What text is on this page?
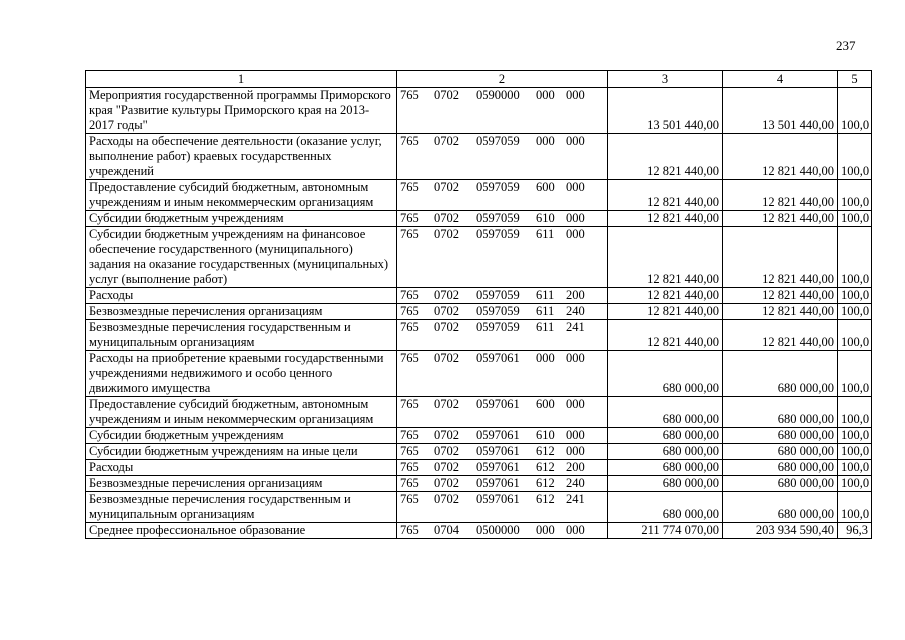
237
1	2	3	4	5
Мероприятия государственной программы Приморского края "Развитие культуры Приморского края на 2013-2017 годы"	765 0702 0590000 000 000	13 501 440,00	13 501 440,00	100,0
Расходы на обеспечение деятельности (оказание услуг, выполнение работ) краевых государственных учреждений	765 0702 0597059 000 000	12 821 440,00	12 821 440,00	100,0
Предоставление субсидий бюджетным, автономным учреждениям и иным некоммерческим организациям	765 0702 0597059 600 000	12 821 440,00	12 821 440,00	100,0
Субсидии бюджетным учреждениям	765 0702 0597059 610 000	12 821 440,00	12 821 440,00	100,0
Субсидии бюджетным учреждениям на финансовое обеспечение государственного (муниципального) задания на оказание государственных (муниципальных) услуг (выполнение работ)	765 0702 0597059 611 000	12 821 440,00	12 821 440,00	100,0
Расходы	765 0702 0597059 611 200	12 821 440,00	12 821 440,00	100,0
Безвозмездные перечисления организациям	765 0702 0597059 611 240	12 821 440,00	12 821 440,00	100,0
Безвозмездные перечисления государственным и муниципальным организациям	765 0702 0597059 611 241	12 821 440,00	12 821 440,00	100,0
Расходы на приобретение краевыми государственными учреждениями недвижимого и особо ценного движимого имущества	765 0702 0597061 000 000	680 000,00	680 000,00	100,0
Предоставление субсидий бюджетным, автономным учреждениям и иным некоммерческим организациям	765 0702 0597061 600 000	680 000,00	680 000,00	100,0
Субсидии бюджетным учреждениям	765 0702 0597061 610 000	680 000,00	680 000,00	100,0
Субсидии бюджетным учреждениям на иные цели	765 0702 0597061 612 000	680 000,00	680 000,00	100,0
Расходы	765 0702 0597061 612 200	680 000,00	680 000,00	100,0
Безвозмездные перечисления организациям	765 0702 0597061 612 240	680 000,00	680 000,00	100,0
Безвозмездные перечисления государственным и муниципальным организациям	765 0702 0597061 612 241	680 000,00	680 000,00	100,0
Среднее профессиональное образование	765 0704 0500000 000 000	211 774 070,00	203 934 590,40	96,3
